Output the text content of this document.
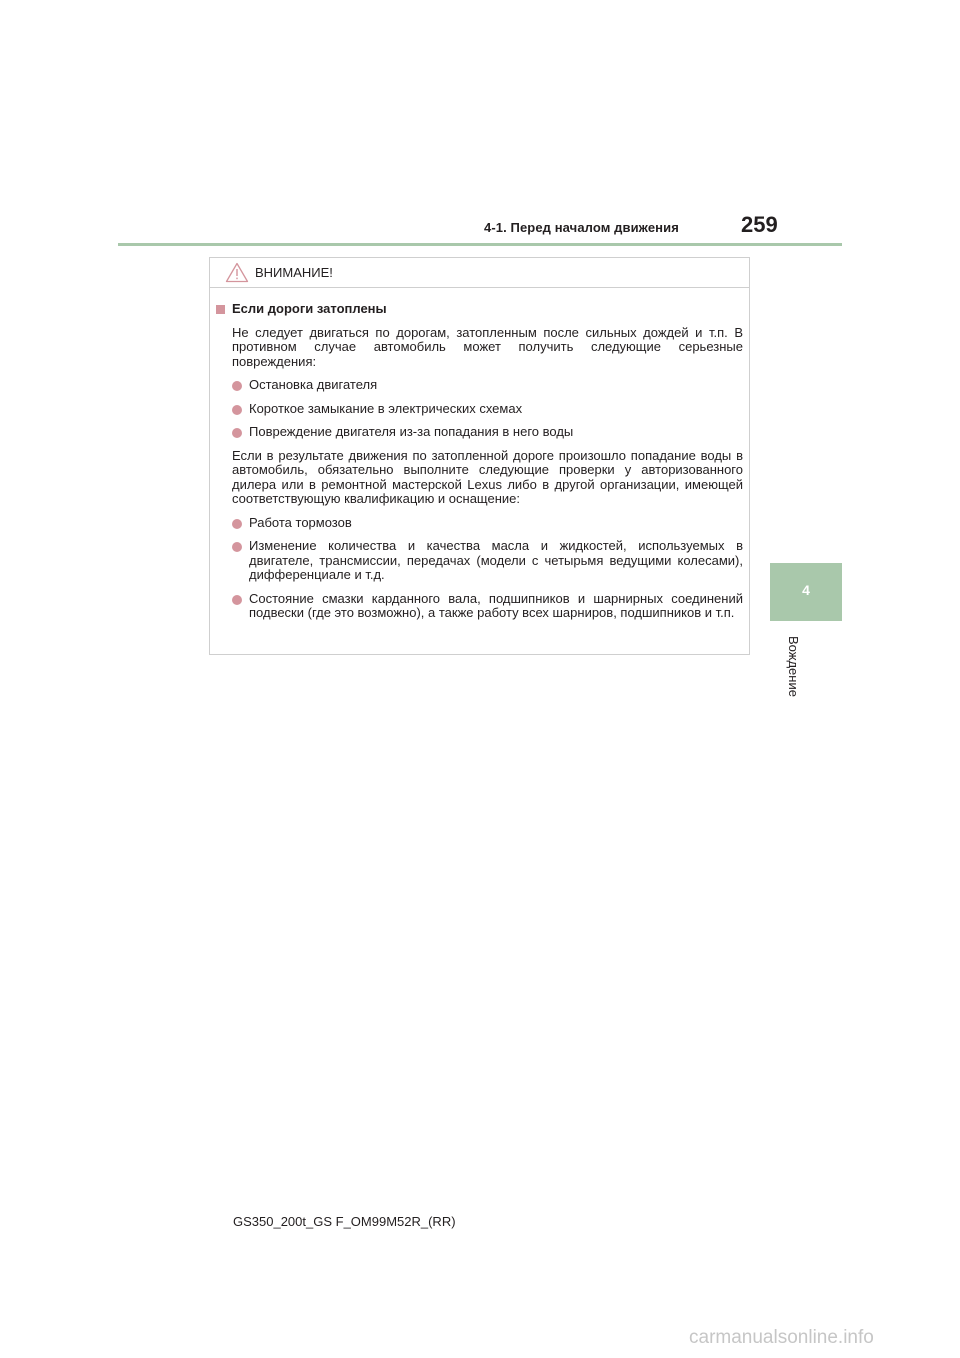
4-1. Перед началом движения	259
4
Вождение
ВНИМАНИЕ!
Если дороги затоплены
Не следует двигаться по дорогам, затопленным после сильных дождей и т.п. В противном случае автомобиль может получить следующие серьезные повреждения:
Остановка двигателя
Короткое замыкание в электрических схемах
Повреждение двигателя из-за попадания в него воды
Если в результате движения по затопленной дороге произошло попадание воды в автомобиль, обязательно выполните следующие проверки у авторизованного дилера или в ремонтной мастерской Lexus либо в другой организации, имеющей соответствующую квалификацию и оснащение:
Работа тормозов
Изменение количества и качества масла и жидкостей, используемых в двигателе, трансмиссии, передачах (модели с четырьмя ведущими колесами), дифференциале и т.д.
Состояние смазки карданного вала, подшипников и шарнирных соединений подвески (где это возможно), а также работу всех шарниров, подшипников и т.п.
GS350_200t_GS F_OM99M52R_(RR)
carmanualsonline.info
